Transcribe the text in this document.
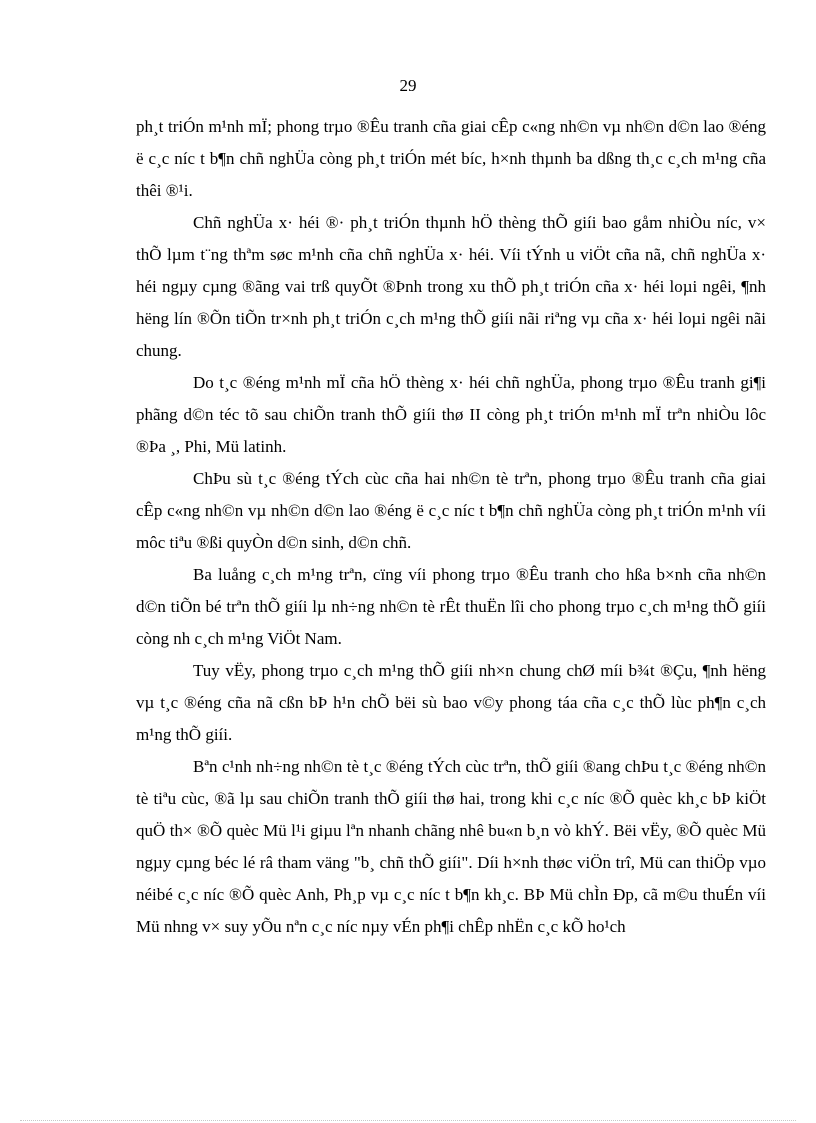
29

ph¸t triÓn m¹nh mÏ; phong trµo ®Êu tranh cña giai cÊp c«ng nh©n vµ nh©n d©n lao ®éng ë c¸c níc t b¶n chñ nghÜa còng ph¸t triÓn mét bíc, h×nh thµnh ba dßng th¸c c¸ch m¹ng cña thêi ®¹i.

Chñ nghÜa x· héi ®· ph¸t triÓn thµnh hÖ thèng thÕ giíi bao gåm nhiÒu níc, v× thÕ lµm t¨ng thªm søc m¹nh cña chñ nghÜa x· héi. Víi tÝnh u viÖt cña nã, chñ nghÜa x· héi ngµy cµng ®ãng vai trß quyÕt ®Þnh trong xu thÕ ph¸t triÓn cña x· héi loµi ngêi, ¶nh hëng lín ®Õn tiÕn tr×nh ph¸t triÓn c¸ch m¹ng thÕ giíi nãi riªng vµ cña x· héi loµi ngêi nãi chung.

Do t¸c ®éng m¹nh mÏ cña hÖ thèng x· héi chñ nghÜa, phong trµo ®Êu tranh gi¶i phãng d©n téc tõ sau chiÕn tranh thÕ giíi thø II còng ph¸t triÓn m¹nh mÏ trªn nhiÒu lôc ®Þa ¸, Phi, Mü latinh.

ChÞu sù t¸c ®éng tÝch cùc cña hai nh©n tè trªn, phong trµo ®Êu tranh cña giai cÊp c«ng nh©n vµ nh©n d©n lao ®éng ë c¸c níc t b¶n chñ nghÜa còng ph¸t triÓn m¹nh víi môc tiªu ®ßi quyÒn d©n sinh, d©n chñ.

Ba luång c¸ch m¹ng trªn, cïng víi phong trµo ®Êu tranh cho hßa b×nh cña nh©n d©n tiÕn bé trªn thÕ giíi lµ nh÷ng nh©n tè rÊt thuËn lîi cho phong trµo c¸ch m¹ng thÕ giíi còng nh c¸ch m¹ng ViÖt Nam.

Tuy vËy, phong trµo c¸ch m¹ng thÕ giíi nh×n chung chØ míi b¾t ®Çu, ¶nh hëng vµ t¸c ®éng cña nã cßn bÞ h¹n chÕ bëi sù bao v©y phong táa cña c¸c thÕ lùc ph¶n c¸ch m¹ng thÕ giíi.

Bªn c¹nh nh÷ng nh©n tè t¸c ®éng tÝch cùc trªn, thÕ giíi ®ang chÞu t¸c ®éng nh©n tè tiªu cùc, ®ã lµ sau chiÕn tranh thÕ giíi thø hai, trong khi c¸c níc ®Õ quèc kh¸c bÞ kiÖt quÖ th× ®Õ quèc Mü l¹i giµu lªn nhanh chãng nhê bu«n b¸n vò khÝ. Bëi vËy, ®Õ quèc Mü ngµy cµng béc lé râ tham väng "b¸ chñ thÕ giíi". Díi h×nh thøc viÖn trî, Mü can thiÖp vµo néibé c¸c níc ®Õ quèc Anh, Ph¸p vµ c¸c níc t b¶n kh¸c. BÞ Mü chÌn Ðp, cã m©u thuÉn víi Mü nhng v× suy yÕu nªn c¸c níc nµy vÉn ph¶i chÊp nhËn c¸c kÕ ho¹ch
